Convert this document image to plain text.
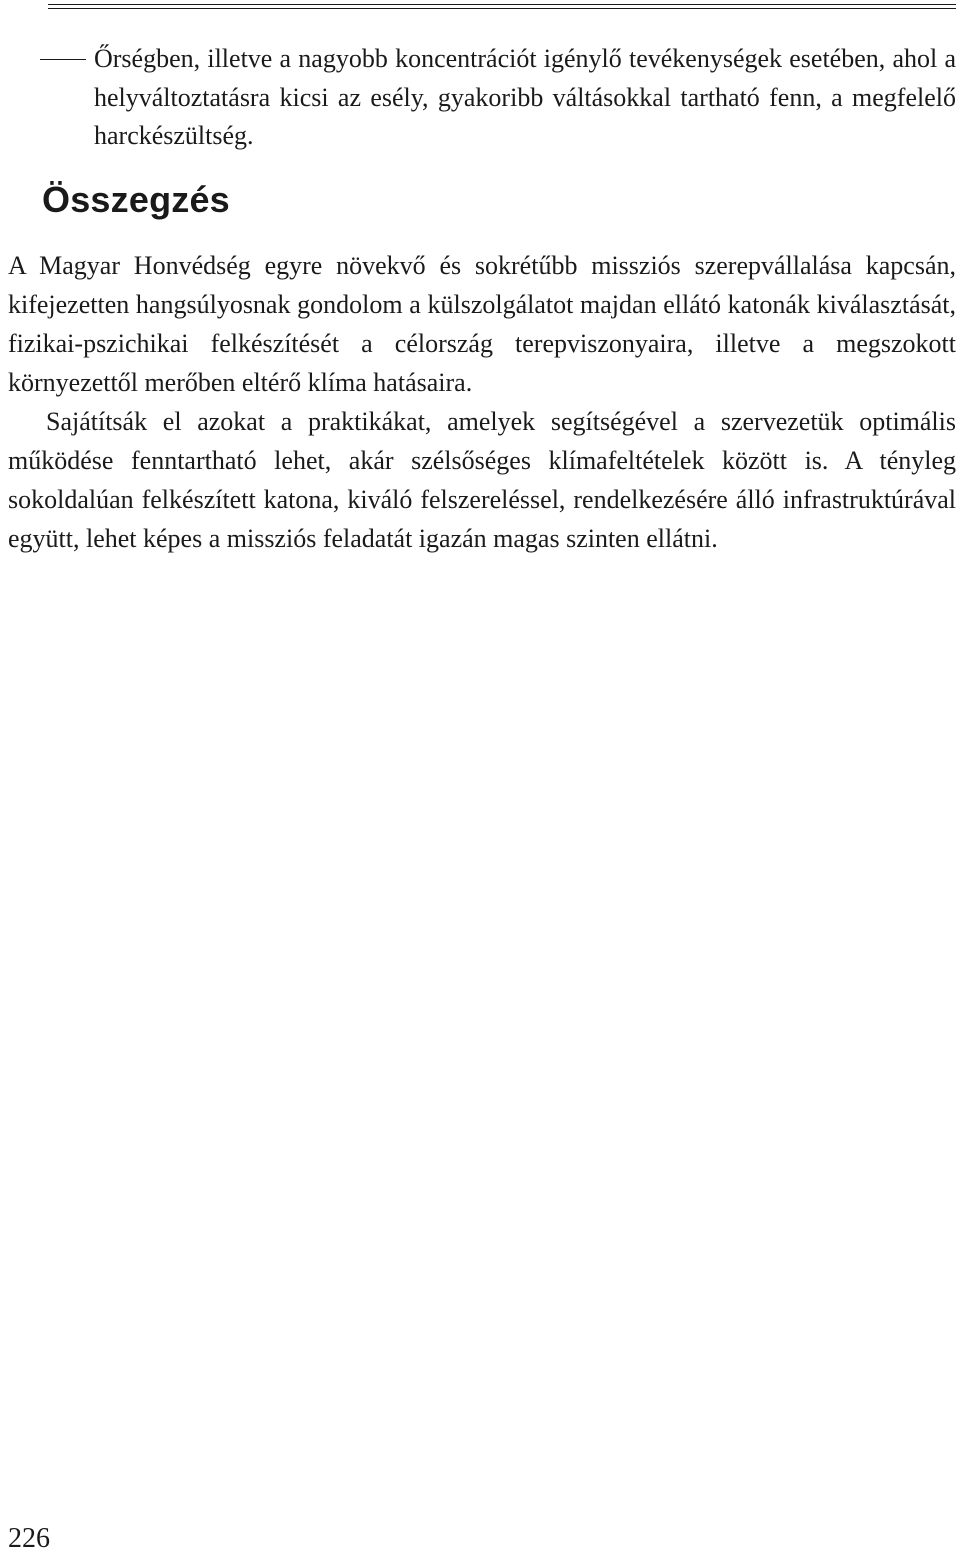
Őrségben, illetve a nagyobb koncentrációt igénylő tevékenységek esetében, ahol a helyváltoztatásra kicsi az esély, gyakoribb váltásokkal tartható fenn, a megfelelő harckészültség.
Összegzés

A Magyar Honvédség egyre növekvő és sokrétűbb missziós szerepvállalása kapcsán, kifejezetten hangsúlyosnak gondolom a külszolgálatot majdan ellátó katonák kiválasztását, fizikai-pszichikai felkészítését a célország terepviszonyaira, illetve a megszokott környezettől merőben eltérő klíma hatásaira.

Sajátítsák el azokat a praktikákat, amelyek segítségével a szervezetük optimális működése fenntartható lehet, akár szélsőséges klímafeltételek között is. A tényleg sokoldalúan felkészített katona, kiváló felszereléssel, rendelkezésére álló infrastruktúrával együtt, lehet képes a missziós feladatát igazán magas szinten ellátni.

226
